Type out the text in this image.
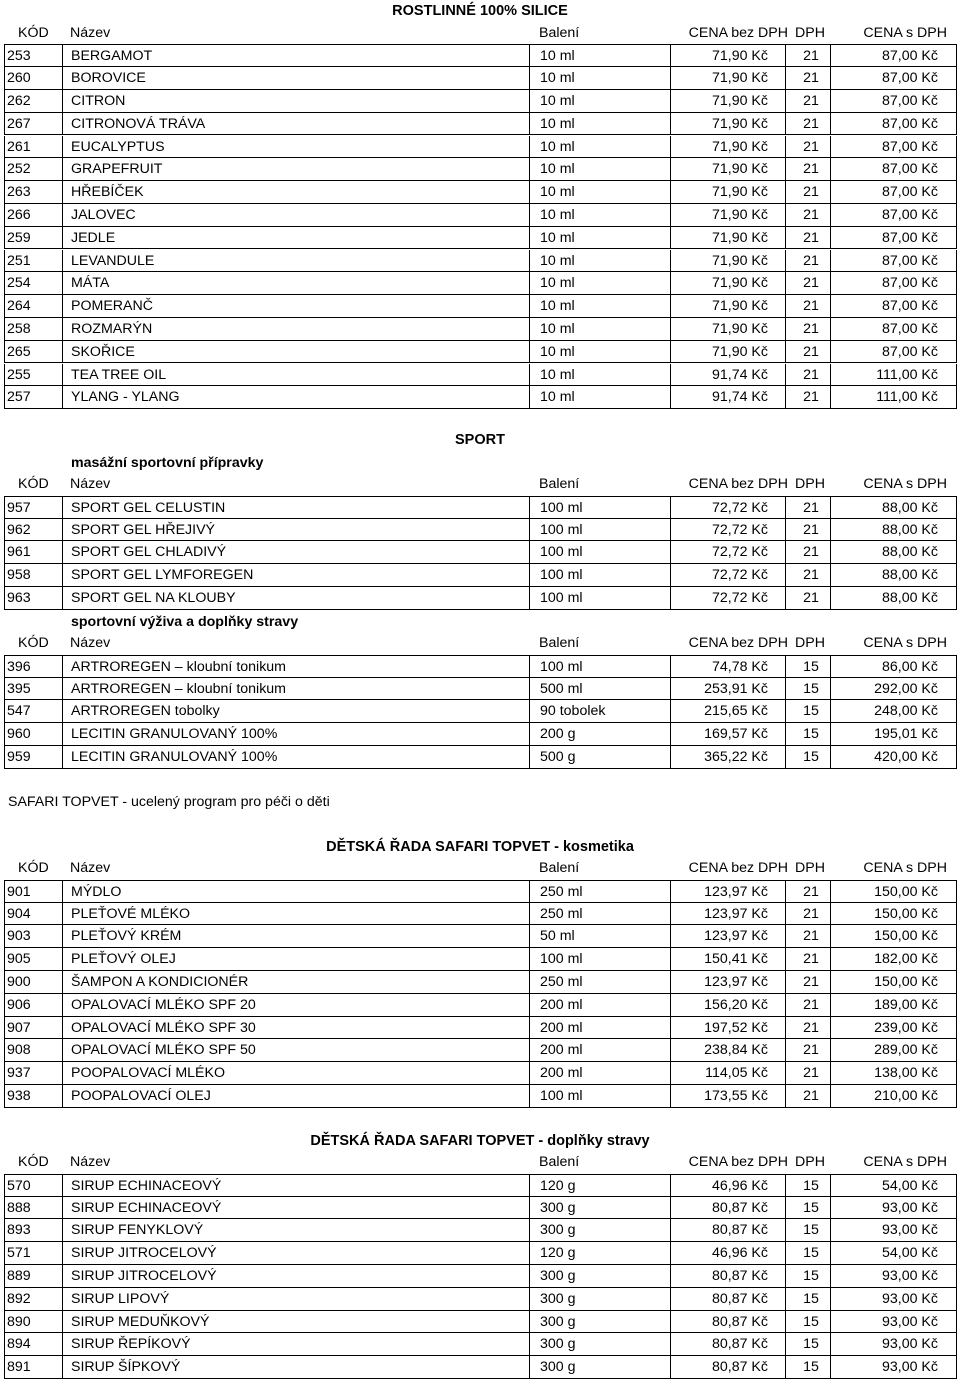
ROSTLINNÉ 100% SILICE
KÓD	Název	Balení	CENA bez DPH DPH	CENA s DPH
253	BERGAMOT	10 ml	71,90 Kč	21	87,00 Kč
260	BOROVICE	10 ml	71,90 Kč	21	87,00 Kč
262	CITRON	10 ml	71,90 Kč	21	87,00 Kč
267	CITRONOVÁ TRÁVA	10 ml	71,90 Kč	21	87,00 Kč
261	EUCALYPTUS	10 ml	71,90 Kč	21	87,00 Kč
252	GRAPEFRUIT	10 ml	71,90 Kč	21	87,00 Kč
263	HŘEBÍČEK	10 ml	71,90 Kč	21	87,00 Kč
266	JALOVEC	10 ml	71,90 Kč	21	87,00 Kč
259	JEDLE	10 ml	71,90 Kč	21	87,00 Kč
251	LEVANDULE	10 ml	71,90 Kč	21	87,00 Kč
254	MÁTA	10 ml	71,90 Kč	21	87,00 Kč
264	POMERANČ	10 ml	71,90 Kč	21	87,00 Kč
258	ROZMARÝN	10 ml	71,90 Kč	21	87,00 Kč
265	SKOŘICE	10 ml	71,90 Kč	21	87,00 Kč
255	TEA TREE OIL	10 ml	91,74 Kč	21	111,00 Kč
257	YLANG - YLANG	10 ml	91,74 Kč	21	111,00 Kč
SPORT
masážní sportovní přípravky
KÓD	Název	Balení	CENA bez DPH DPH	CENA s DPH
957	SPORT GEL CELUSTIN	100 ml	72,72 Kč	21	88,00 Kč
962	SPORT GEL HŘEJIVÝ	100 ml	72,72 Kč	21	88,00 Kč
961	SPORT GEL CHLADIVÝ	100 ml	72,72 Kč	21	88,00 Kč
958	SPORT GEL LYMFOREGEN	100 ml	72,72 Kč	21	88,00 Kč
963	SPORT GEL NA KLOUBY	100 ml	72,72 Kč	21	88,00 Kč
sportovní výživa a doplňky stravy
KÓD	Název	Balení	CENA bez DPH DPH	CENA s DPH
396	ARTROREGEN – kloubní tonikum	100 ml	74,78 Kč	15	86,00 Kč
395	ARTROREGEN – kloubní tonikum	500 ml	253,91 Kč	15	292,00 Kč
547	ARTROREGEN tobolky	90 tobolek	215,65 Kč	15	248,00 Kč
960	LECITIN GRANULOVANÝ 100%	200 g	169,57 Kč	15	195,01 Kč
959	LECITIN GRANULOVANÝ 100%	500 g	365,22 Kč	15	420,00 Kč
SAFARI TOPVET - ucelený program pro péči o děti
DĚTSKÁ ŘADA SAFARI TOPVET - kosmetika
KÓD	Název	Balení	CENA bez DPH DPH	CENA s DPH
901	MÝDLO	250 ml	123,97 Kč	21	150,00 Kč
904	PLEŤOVÉ MLÉKO	250 ml	123,97 Kč	21	150,00 Kč
903	PLEŤOVÝ KRÉM	50 ml	123,97 Kč	21	150,00 Kč
905	PLEŤOVÝ OLEJ	100 ml	150,41 Kč	21	182,00 Kč
900	ŠAMPON A KONDICIONÉR	250 ml	123,97 Kč	21	150,00 Kč
906	OPALOVACÍ MLÉKO SPF 20	200 ml	156,20 Kč	21	189,00 Kč
907	OPALOVACÍ MLÉKO SPF 30	200 ml	197,52 Kč	21	239,00 Kč
908	OPALOVACÍ MLÉKO SPF 50	200 ml	238,84 Kč	21	289,00 Kč
937	POOPALOVACÍ MLÉKO	200 ml	114,05 Kč	21	138,00 Kč
938	POOPALOVACÍ OLEJ	100 ml	173,55 Kč	21	210,00 Kč
DĚTSKÁ ŘADA SAFARI TOPVET - doplňky stravy
KÓD	Název	Balení	CENA bez DPH DPH	CENA s DPH
570	SIRUP ECHINACEOVÝ	120 g	46,96 Kč	15	54,00 Kč
888	SIRUP ECHINACEOVÝ	300 g	80,87 Kč	15	93,00 Kč
893	SIRUP FENYKLOVÝ	300 g	80,87 Kč	15	93,00 Kč
571	SIRUP JITROCELOVÝ	120 g	46,96 Kč	15	54,00 Kč
889	SIRUP JITROCELOVÝ	300 g	80,87 Kč	15	93,00 Kč
892	SIRUP LIPOVÝ	300 g	80,87 Kč	15	93,00 Kč
890	SIRUP MEDUŇKOVÝ	300 g	80,87 Kč	15	93,00 Kč
894	SIRUP ŘEPÍKOVÝ	300 g	80,87 Kč	15	93,00 Kč
891	SIRUP ŠÍPKOVÝ	300 g	80,87 Kč	15	93,00 Kč
